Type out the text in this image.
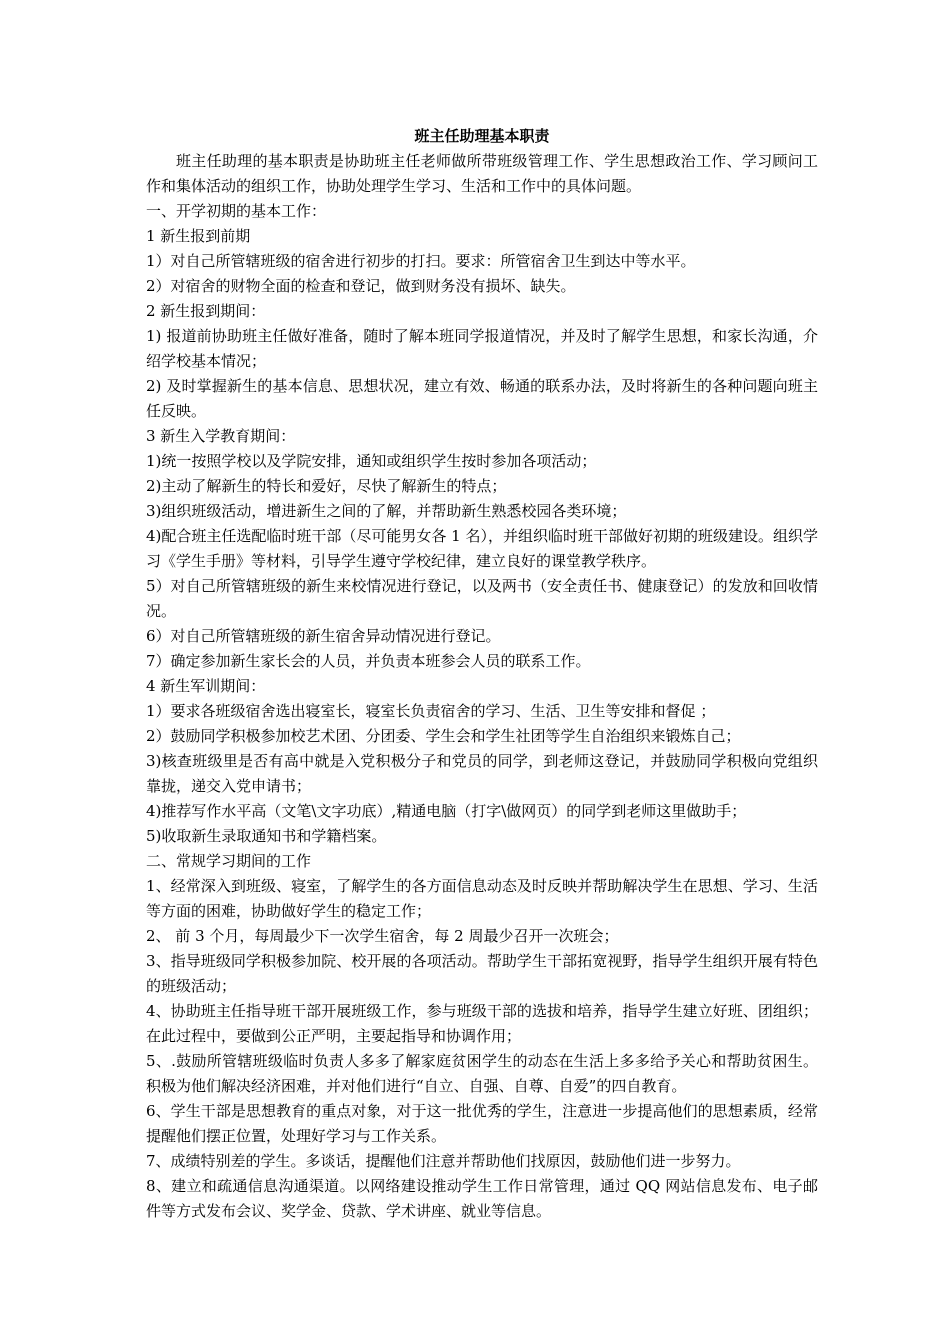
班主任助理基本职责

班主任助理的基本职责是协助班主任老师做所带班级管理工作、学生思想政治工作、学习顾问工作和集体活动的组织工作，协助处理学生学习、生活和工作中的具体问题。

一、开学初期的基本工作：

1 新生报到前期

1）对自己所管辖班级的宿舍进行初步的打扫。要求：所管宿舍卫生到达中等水平。

2）对宿舍的财物全面的检查和登记，做到财务没有损坏、缺失。

2 新生报到期间：

1) 报道前协助班主任做好准备，随时了解本班同学报道情况，并及时了解学生思想，和家长沟通，介绍学校基本情况；

2) 及时掌握新生的基本信息、思想状况，建立有效、畅通的联系办法，及时将新生的各种问题向班主任反映。

3 新生入学教育期间：

1)统一按照学校以及学院安排，通知或组织学生按时参加各项活动；

2)主动了解新生的特长和爱好，尽快了解新生的特点；

3)组织班级活动，增进新生之间的了解，并帮助新生熟悉校园各类环境；

4)配合班主任选配临时班干部（尽可能男女各 1 名），并组织临时班干部做好初期的班级建设。组织学习《学生手册》等材料，引导学生遵守学校纪律，建立良好的课堂教学秩序。

5）对自己所管辖班级的新生来校情况进行登记，以及两书（安全责任书、健康登记）的发放和回收情况。

6）对自己所管辖班级的新生宿舍异动情况进行登记。

7）确定参加新生家长会的人员，并负责本班参会人员的联系工作。

4 新生军训期间：

1）要求各班级宿舍选出寝室长，寝室长负责宿舍的学习、生活、卫生等安排和督促 ；

2）鼓励同学积极参加校艺术团、分团委、学生会和学生社团等学生自治组织来锻炼自己；

3)核查班级里是否有高中就是入党积极分子和党员的同学，到老师这登记，并鼓励同学积极向党组织靠拢，递交入党申请书；

4)推荐写作水平高（文笔\文字功底）,精通电脑（打字\做网页）的同学到老师这里做助手；

5)收取新生录取通知书和学籍档案。

二、常规学习期间的工作

1、经常深入到班级、寝室，了解学生的各方面信息动态及时反映并帮助解决学生在思想、学习、生活等方面的困难，协助做好学生的稳定工作；

2、 前 3 个月，每周最少下一次学生宿舍，每 2 周最少召开一次班会；

3、指导班级同学积极参加院、校开展的各项活动。帮助学生干部拓宽视野，指导学生组织开展有特色的班级活动；

4、协助班主任指导班干部开展班级工作，参与班级干部的选拔和培养，指导学生建立好班、团组织；在此过程中，要做到公正严明，主要起指导和协调作用；

5、.鼓励所管辖班级临时负责人多多了解家庭贫困学生的动态在生活上多多给予关心和帮助贫困生。积极为他们解决经济困难，并对他们进行“自立、自强、自尊、自爱”的四自教育。

6、学生干部是思想教育的重点对象，对于这一批优秀的学生，注意进一步提高他们的思想素质，经常提醒他们摆正位置，处理好学习与工作关系。

7、成绩特别差的学生。多谈话，提醒他们注意并帮助他们找原因，鼓励他们进一步努力。

8、建立和疏通信息沟通渠道。以网络建设推动学生工作日常管理，通过 QQ 网站信息发布、电子邮件等方式发布会议、奖学金、贷款、学术讲座、就业等信息。
